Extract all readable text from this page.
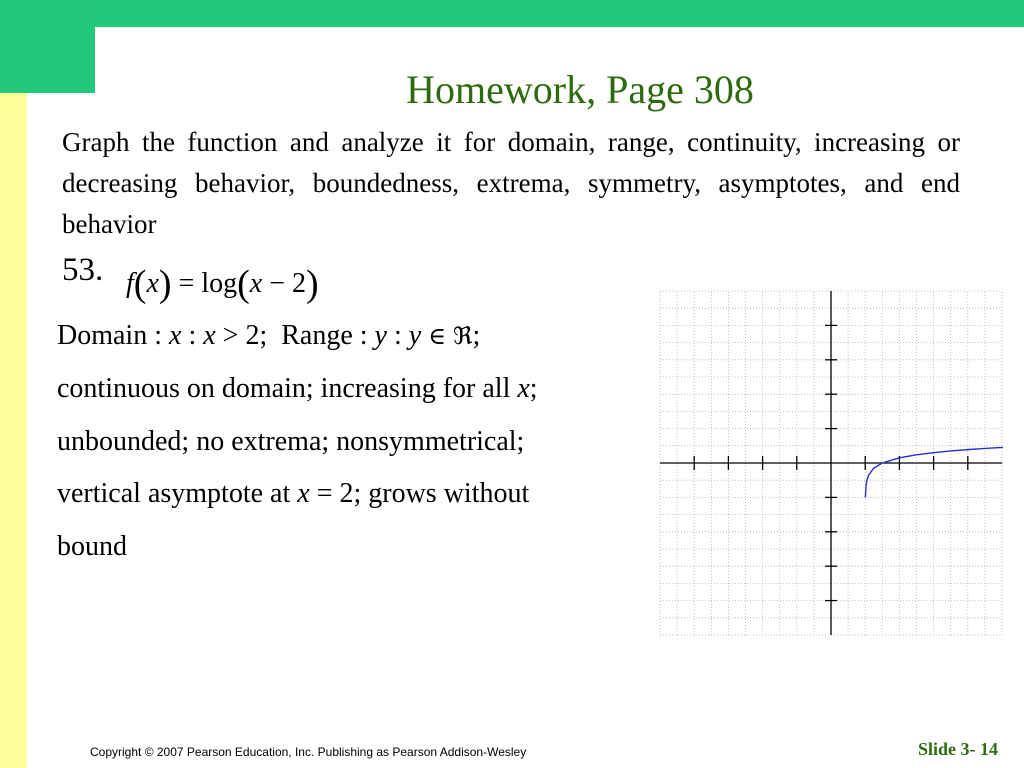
Homework, Page 308
Graph the function and analyze it for domain, range, continuity, increasing or decreasing behavior, boundedness, extrema, symmetry, asymptotes, and end behavior
53. f(x) = log(x − 2)
Domain : x : x > 2;  Range : y : y ∈ ℜ;
continuous on domain; increasing for all x;
unbounded; no extrema; nonsymmetrical;
vertical asymptote at x = 2; grows without
bound
Copyright © 2007 Pearson Education, Inc. Publishing as Pearson Addison-Wesley	Slide 3- 14
